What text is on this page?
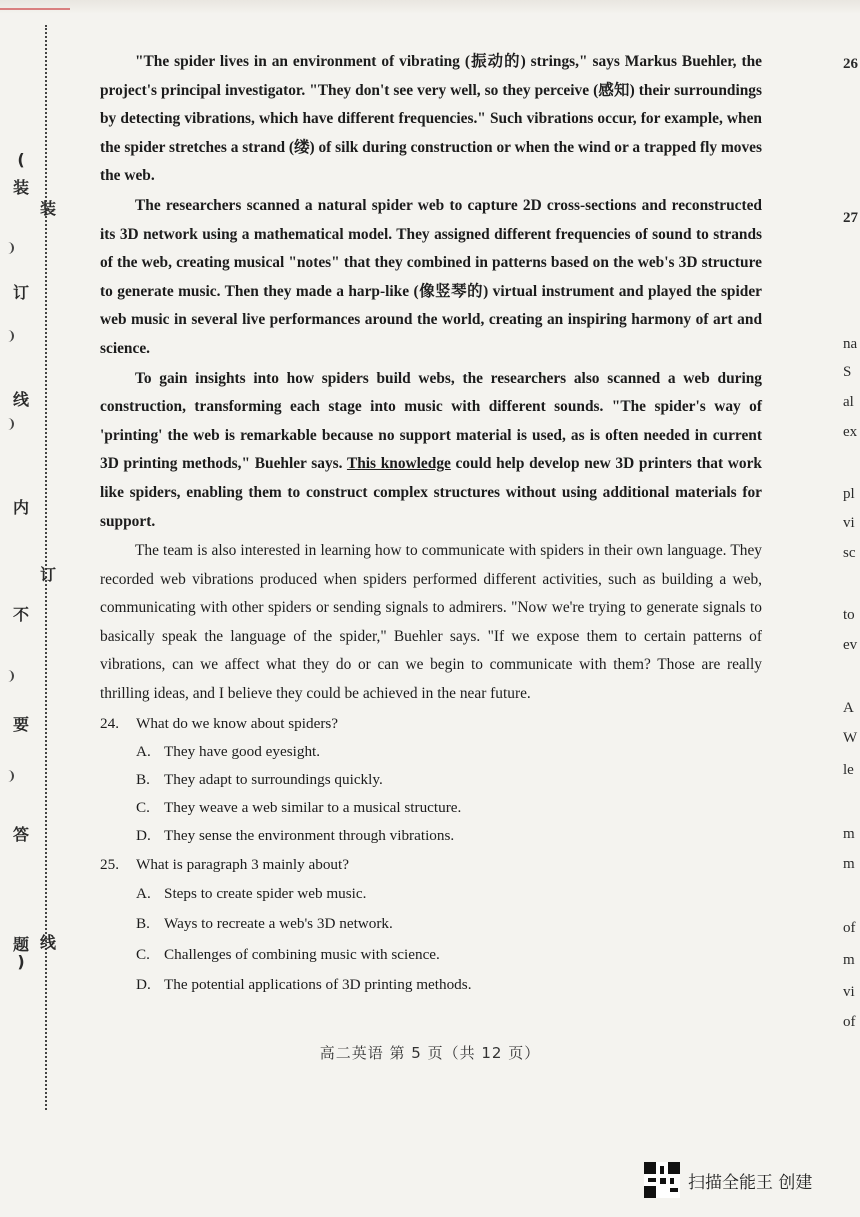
(
装
订
线
内
不
要
答
题
)
装
订
线

"The spider lives in an environment of vibrating (振动的) strings," says Markus Buehler, the project's principal investigator. "They don't see very well, so they perceive (感知) their surroundings by detecting vibrations, which have different frequencies." Such vibrations occur, for example, when the spider stretches a strand (缕) of silk during construction or when the wind or a trapped fly moves the web.

The researchers scanned a natural spider web to capture 2D cross-sections and reconstructed its 3D network using a mathematical model. They assigned different frequencies of sound to strands of the web, creating musical "notes" that they combined in patterns based on the web's 3D structure to generate music. Then they made a harp-like (像竖琴的) virtual instrument and played the spider web music in several live performances around the world, creating an inspiring harmony of art and science.

To gain insights into how spiders build webs, the researchers also scanned a web during construction, transforming each stage into music with different sounds. "The spider's way of 'printing' the web is remarkable because no support material is used, as is often needed in current 3D printing methods," Buehler says. This knowledge could help develop new 3D printers that work like spiders, enabling them to construct complex structures without using additional materials for support.

The team is also interested in learning how to communicate with spiders in their own language. They recorded web vibrations produced when spiders performed different activities, such as building a web, communicating with other spiders or sending signals to admirers. "Now we're trying to generate signals to basically speak the language of the spider," Buehler says. "If we expose them to certain patterns of vibrations, can we affect what they do or can we begin to communicate with them? Those are really thrilling ideas, and I believe they could be achieved in the near future.

24. What do we know about spiders?
A. They have good eyesight.
B. They adapt to surroundings quickly.
C. They weave a web similar to a musical structure.
D. They sense the environment through vibrations.
25. What is paragraph 3 mainly about?
A. Steps to create spider web music.
B. Ways to recreate a web's 3D network.
C. Challenges of combining music with science.
D. The potential applications of 3D printing methods.
高二英语 第 5 页（共 12 页）
26
27
na
S
al
ex
pl
vi
sc
to
ev
A
W
le
m
m
of
m
vi
of
扫描全能王 创建
